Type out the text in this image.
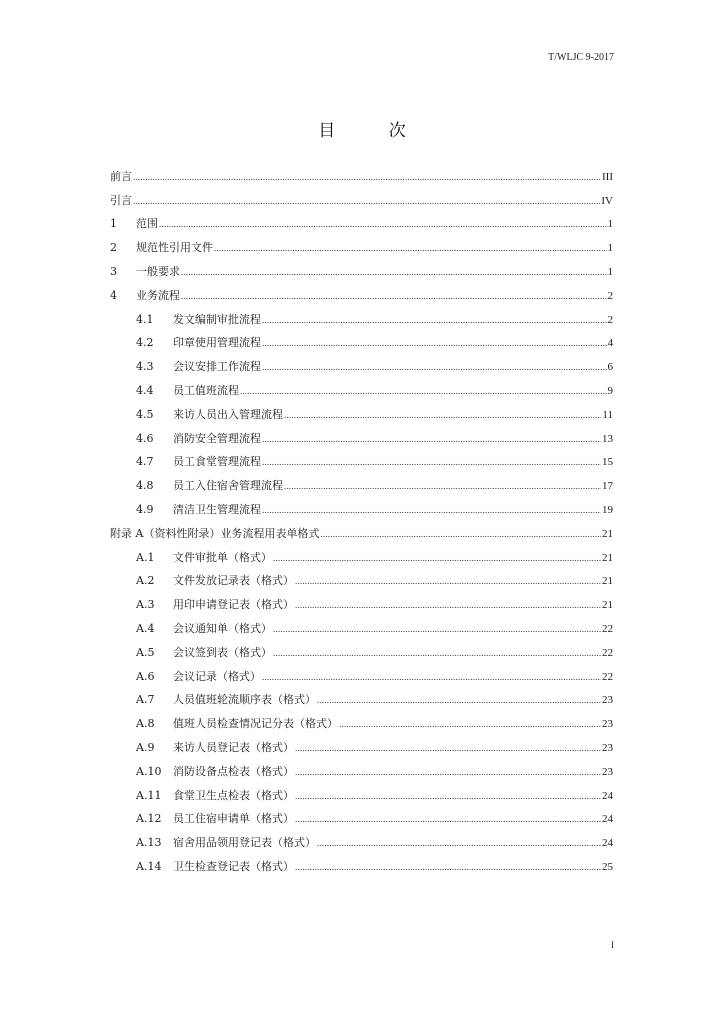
T/WLJC 9-2017
目 次
前言 .....	III
引言 .....	IV
1	范围 .....	1
2	规范性引用文件 .....	1
3	一般要求 .....	1
4	业务流程 .....	2
4.1	发文编制审批流程 .....	2
4.2	印章使用管理流程 .....	4
4.3	会议安排工作流程 .....	6
4.4	员工值班流程 .....	9
4.5	来访人员出入管理流程 .....	11
4.6	消防安全管理流程 .....	13
4.7	员工食堂管理流程 .....	15
4.8	员工入住宿舍管理流程 .....	17
4.9	清洁卫生管理流程 .....	19
附录 A（资料性附录）业务流程用表单格式 .....	21
A.1	文件审批单（格式） .....	21
A.2	文件发放记录表（格式） .....	21
A.3	用印申请登记表（格式） .....	21
A.4	会议通知单（格式） .....	22
A.5	会议签到表（格式） .....	22
A.6	会议记录（格式） .....	22
A.7	人员值班轮流顺序表（格式） .....	23
A.8	值班人员检查情况记分表（格式） .....	23
A.9	来访人员登记表（格式） .....	23
A.10	消防设备点检表（格式） .....	23
A.11	食堂卫生点检表（格式） .....	24
A.12	员工住宿申请单（格式） .....	24
A.13	宿舍用品领用登记表（格式） .....	24
A.14	卫生检查登记表（格式） .....	25
I
